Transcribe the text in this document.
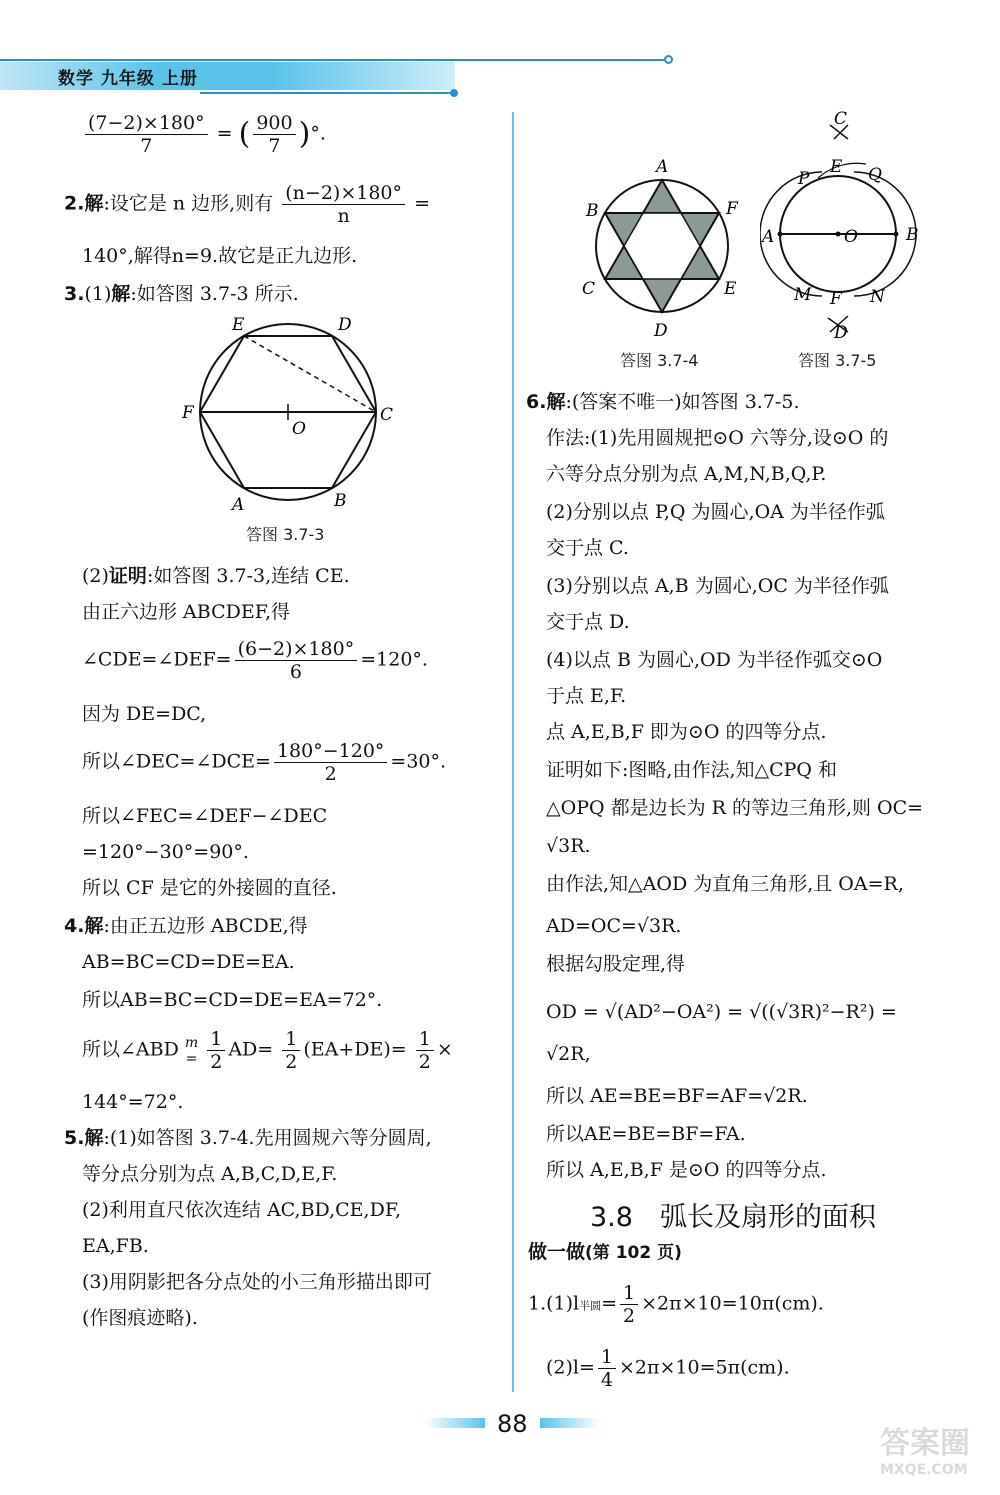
数学 九年级 上册
$\frac{(7-2)\times 180^\circ}{7}$ = ( $\frac{900}{7}$ )°.
2.解:设它是 n 边形,则有 $\frac{(n-2)\times 180^\circ}{n}$ =
140°,解得n=9.故它是正九边形.
3.(1)解:如答图 3.7-3 所示.
E	D
F	C
A	B
O
答图 3.7-3
(2)证明:如答图 3.7-3,连结 CE.
由正六边形 ABCDEF,得
∠CDE=∠DEF= $\frac{(6-2)\times 180^\circ}{6} =120^\circ$.
因为 DE=DC,
所以∠DEC=∠DCE= $\frac{180^\circ-120^\circ}{2} =30^\circ$.
所以∠FEC=∠DEF−∠DEC
=120°−30°=90°.
所以 CF 是它的外接圆的直径.
4.解:由正五边形 ABCDE,得
AB=BC=CD=DE=EA.
所以AB=BC=CD=DE=EA=72°.
所以∠ABD m
=
$\frac{1}{2} AD= \frac{1}{2} (EA+DE)= \frac{1}{2}$ ×
144°=72°.
5.解:(1)如答图 3.7-4.先用圆规六等分圆周,
等分点分别为点 A,B,C,D,E,F.
(2)利用直尺依次连结 AC,BD,CE,DF,
EA,FB.
(3)用阴影把各分点处的小三角形描出即可
(作图痕迹略).
A
B	F
C	E
D
答图 3.7-4
C
E Q
P
A	O	B
M F N
D
答图 3.7-5
6.解:(答案不唯一)如答图 3.7-5.
作法:(1)先用圆规把⊙O 六等分,设⊙O 的
六等分点分别为点 A,M,N,B,Q,P.
(2)分别以点 P,Q 为圆心,OA 为半径作弧
交于点 C.
(3)分别以点 A,B 为圆心,OC 为半径作弧
交于点 D.
(4)以点 B 为圆心,OD 为半径作弧交⊙O
于点 E,F.
点 A,E,B,F 即为⊙O 的四等分点.
证明如下:图略,由作法,知△CPQ 和
△OPQ 都是边长为 R 的等边三角形,则 OC=
√3R.
由作法,知△AOD 为直角三角形,且 OA=R,
AD=OC=√3R.
根据勾股定理,得
OD = √(AD²−OA²) = √((√3R)²−R²) =
√2R,
所以 AE=BE=BF=AF=√2R.
所以AE=BE=BF=FA.
所以 A,E,B,F 是⊙O 的四等分点.
3.8　弧长及扇形的面积
做一做(第 102 页)
1.(1)l半圆= $\frac{1}{2} \times 2\pi\times 10=10\pi(cm)$.
$(2)l= \frac{1}{4} \times 2\pi\times 10=5\pi(cm)$.
88
答案圈
MXQE.COM
